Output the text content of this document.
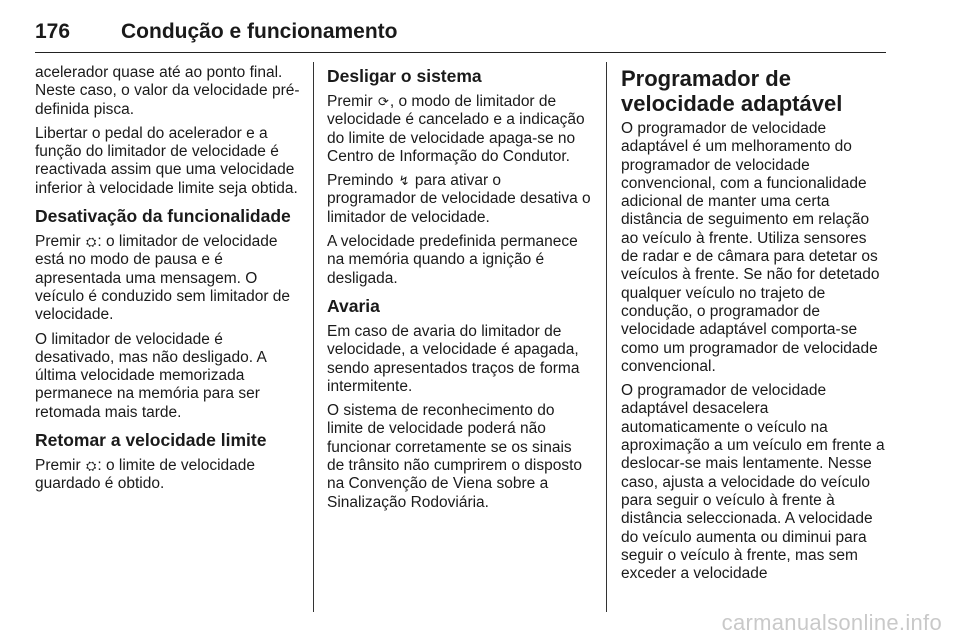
176 Condução e funcionamento

acelerador quase até ao ponto final. Neste caso, o valor da velocidade pré-definida pisca.

Libertar o pedal do acelerador e a função do limitador de velocidade é reactivada assim que uma velocidade inferior à velocidade limite seja obtida.

Desativação da funcionalidade

Premir ⛭: o limitador de velocidade está no modo de pausa e é apresentada uma mensagem. O veículo é conduzido sem limitador de velocidade.

O limitador de velocidade é desativado, mas não desligado. A última velocidade memorizada permanece na memória para ser retomada mais tarde.

Retomar a velocidade limite

Premir ⛭: o limite de velocidade guardado é obtido.

Desligar o sistema

Premir ⟳, o modo de limitador de velocidade é cancelado e a indicação do limite de velocidade apaga-se no Centro de Informação do Condutor.

Premindo ↯ para ativar o programador de velocidade desativa o limitador de velocidade.

A velocidade predefinida permanece na memória quando a ignição é desligada.

Avaria

Em caso de avaria do limitador de velocidade, a velocidade é apagada, sendo apresentados traços de forma intermitente.

O sistema de reconhecimento do limite de velocidade poderá não funcionar corretamente se os sinais de trânsito não cumprirem o disposto na Convenção de Viena sobre a Sinalização Rodoviária.

Programador de velocidade adaptável

O programador de velocidade adaptável é um melhoramento do programador de velocidade convencional, com a funcionalidade adicional de manter uma certa distância de seguimento em relação ao veículo à frente. Utiliza sensores de radar e de câmara para detetar os veículos à frente. Se não for detetado qualquer veículo no trajeto de condução, o programador de velocidade adaptável comporta-se como um programador de velocidade convencional.

O programador de velocidade adaptável desacelera automaticamente o veículo na aproximação a um veículo em frente a deslocar-se mais lentamente. Nesse caso, ajusta a velocidade do veículo para seguir o veículo à frente à distância seleccionada. A velocidade do veículo aumenta ou diminui para seguir o veículo à frente, mas sem exceder a velocidade

carmanualsonline.info
